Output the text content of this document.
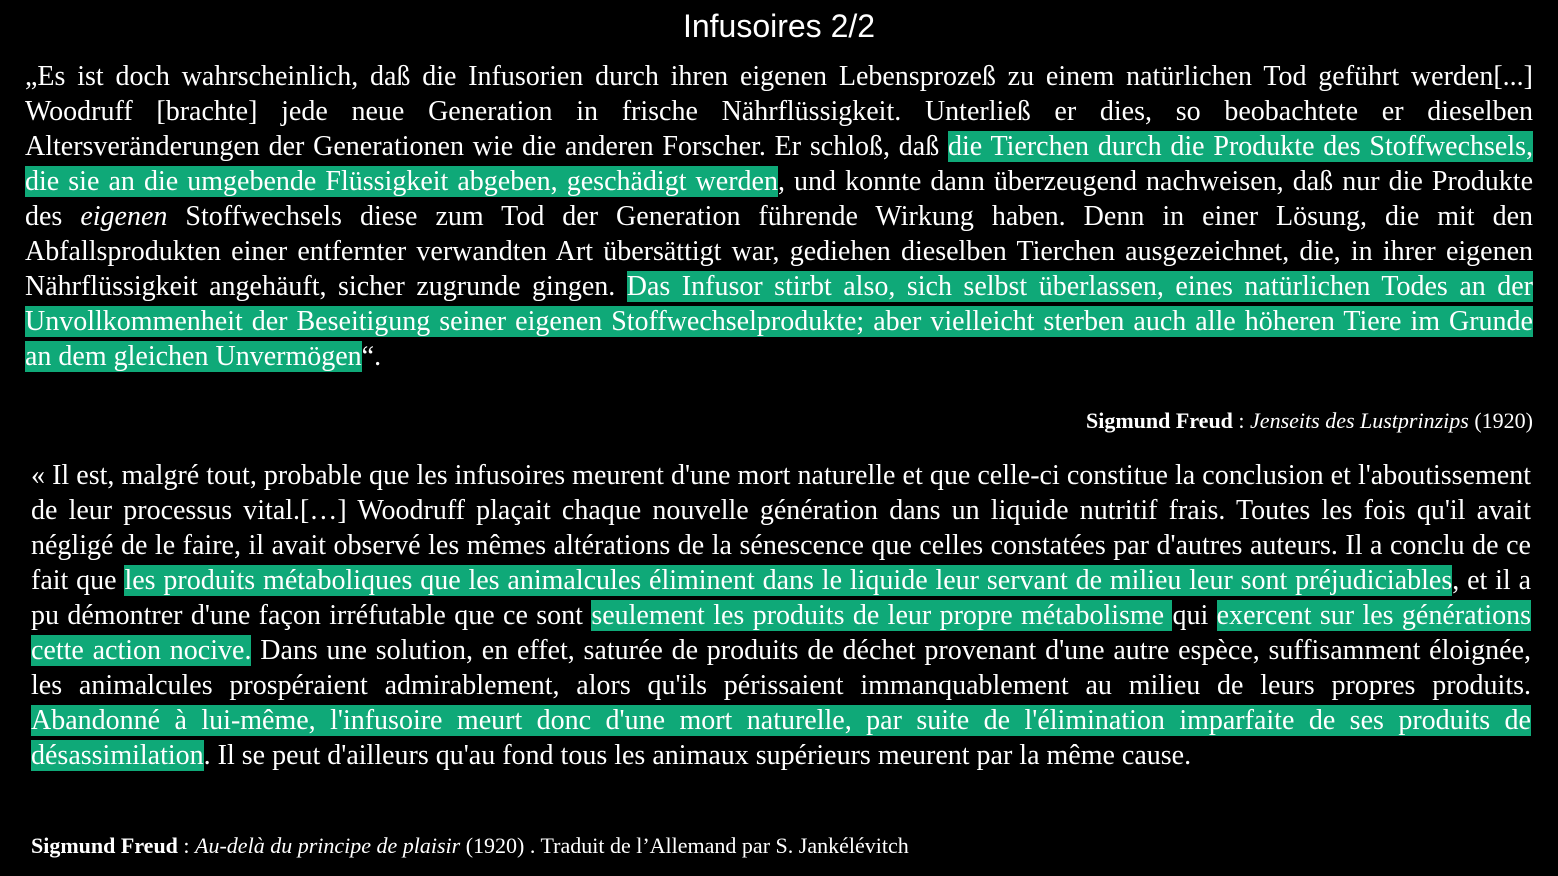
Infusoires 2/2

„Es ist doch wahrscheinlich, daß die Infusorien durch ihren eigenen Lebensprozeß zu einem natürlichen Tod geführt werden[...] Woodruff [brachte] jede neue Generation in frische Nährflüssigkeit. Unterließ er dies, so beobachtete er dieselben Altersveränderungen der Generationen wie die anderen Forscher. Er schloß, daß die Tierchen durch die Produkte des Stoffwechsels, die sie an die umgebende Flüssigkeit abgeben, geschädigt werden, und konnte dann überzeugend nachweisen, daß nur die Produkte des eigenen Stoffwechsels diese zum Tod der Generation führende Wirkung haben. Denn in einer Lösung, die mit den Abfallsprodukten einer entfernter verwandten Art übersättigt war, gediehen dieselben Tierchen ausgezeichnet, die, in ihrer eigenen Nährflüssigkeit angehäuft, sicher zugrunde gingen. Das Infusor stirbt also, sich selbst überlassen, eines natürlichen Todes an der Unvollkommenheit der Beseitigung seiner eigenen Stoffwechselprodukte; aber vielleicht sterben auch alle höheren Tiere im Grunde an dem gleichen Unvermögen“.

Sigmund Freud : Jenseits des Lustprinzips (1920)

« Il est, malgré tout, probable que les infusoires meurent d'une mort naturelle et que celle-ci constitue la conclusion et l'aboutissement de leur processus vital.[…] Woodruff plaçait chaque nouvelle génération dans un liquide nutritif frais. Toutes les fois qu'il avait négligé de le faire, il avait observé les mêmes altérations de la sénescence que celles constatées par d'autres auteurs. Il a conclu de ce fait que les produits métaboliques que les animalcules éliminent dans le liquide leur servant de milieu leur sont préjudiciables, et il a pu démontrer d'une façon irréfutable que ce sont seulement les produits de leur propre métabolisme qui exercent sur les générations cette action nocive. Dans une solution, en effet, saturée de produits de déchet provenant d'une autre espèce, suffisamment éloignée, les animalcules prospéraient admirablement, alors qu'ils périssaient immanquablement au milieu de leurs propres produits. Abandonné à lui-même, l'infusoire meurt donc d'une mort naturelle, par suite de l'élimination imparfaite de ses produits de désassimilation. Il se peut d'ailleurs qu'au fond tous les animaux supérieurs meurent par la même cause.

Sigmund Freud : Au-delà du principe de plaisir (1920) . Traduit de l’Allemand par S. Jankélévitch
